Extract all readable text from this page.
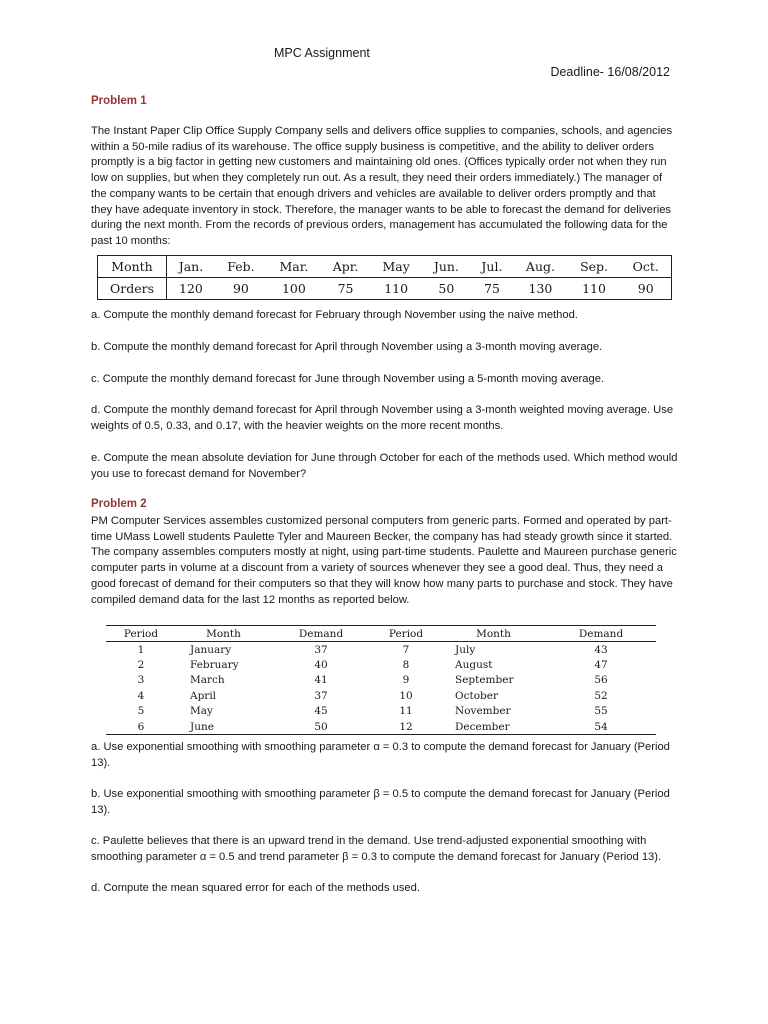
MPC Assignment
Deadline- 16/08/2012
Problem 1
The Instant Paper Clip Office Supply Company sells and delivers office supplies to companies, schools, and agencies within a 50-mile radius of its warehouse. The office supply business is competitive, and the ability to deliver orders promptly is a big factor in getting new customers and maintaining old ones. (Offices typically order not when they run low on supplies, but when they completely run out. As a result, they need their orders immediately.) The manager of the company wants to be certain that enough drivers and vehicles are available to deliver orders promptly and that they have adequate inventory in stock. Therefore, the manager wants to be able to forecast the demand for deliveries during the next month. From the records of previous orders, management has accumulated the following data for the past 10 months:
Month	Jan.	Feb.	Mar.	Apr.	May	Jun.	Jul.	Aug.	Sep.	Oct.
Orders	120	90	100	75	110	50	75	130	110	90
a. Compute the monthly demand forecast for February through November using the naive method.
b. Compute the monthly demand forecast for April through November using a 3-month moving average.
c. Compute the monthly demand forecast for June through November using a 5-month moving average.
d. Compute the monthly demand forecast for April through November using a 3-month weighted moving average. Use weights of 0.5, 0.33, and 0.17, with the heavier weights on the more recent months.
e. Compute the mean absolute deviation for June through October for each of the methods used. Which method would you use to forecast demand for November?
Problem 2
PM Computer Services assembles customized personal computers from generic parts. Formed and operated by part-time UMass Lowell students Paulette Tyler and Maureen Becker, the company has had steady growth since it started. The company assembles computers mostly at night, using part-time students. Paulette and Maureen purchase generic computer parts in volume at a discount from a variety of sources whenever they see a good deal. Thus, they need a good forecast of demand for their computers so that they will know how many parts to purchase and stock. They have compiled demand data for the last 12 months as reported below.
Period	Month	Demand	Period	Month	Demand
1	January	37	7	July	43
2	February	40	8	August	47
3	March	41	9	September	56
4	April	37	10	October	52
5	May	45	11	November	55
6	June	50	12	December	54
a. Use exponential smoothing with smoothing parameter α = 0.3 to compute the demand forecast for January (Period 13).
b. Use exponential smoothing with smoothing parameter β = 0.5 to compute the demand forecast for January (Period 13).
c. Paulette believes that there is an upward trend in the demand. Use trend-adjusted exponential smoothing with smoothing parameter α = 0.5 and trend parameter β = 0.3 to compute the demand forecast for January (Period 13).
d. Compute the mean squared error for each of the methods used.
